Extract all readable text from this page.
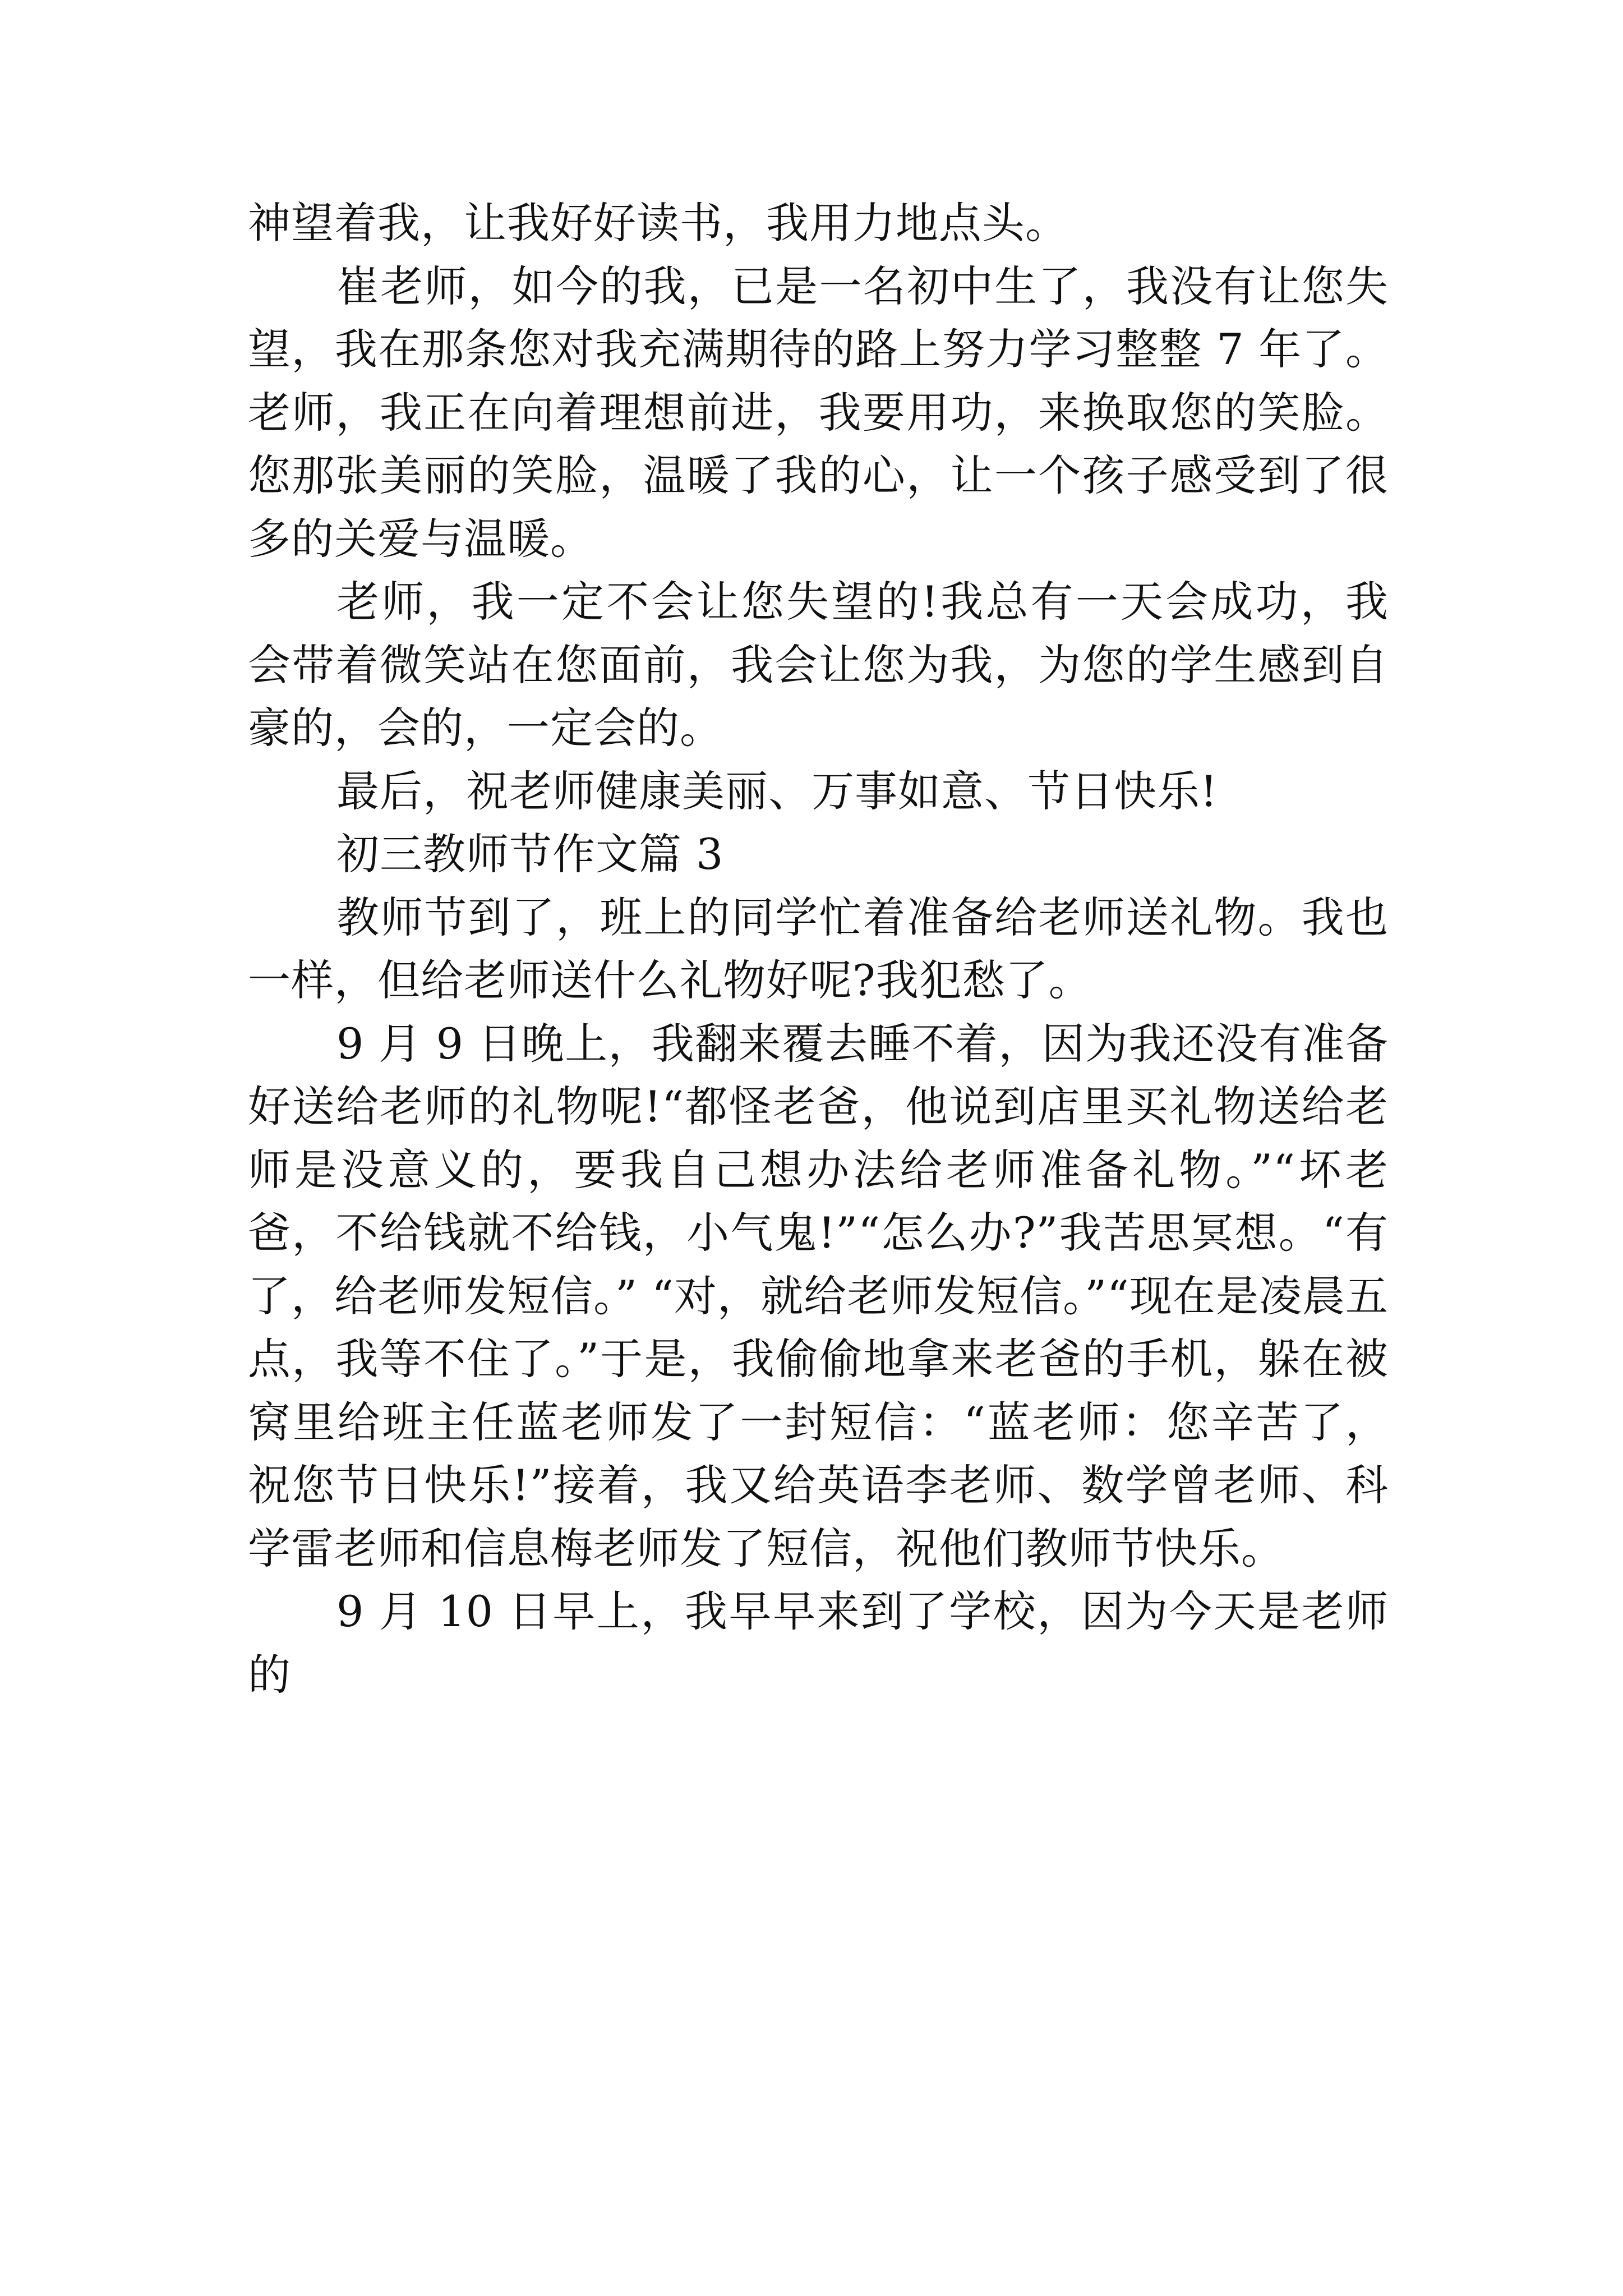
神望着我，让我好好读书，我用力地点头。

崔老师，如今的我，已是一名初中生了，我没有让您失望，我在那条您对我充满期待的路上努力学习整整 7 年了。老师，我正在向着理想前进，我要用功，来换取您的笑脸。您那张美丽的笑脸，温暖了我的心，让一个孩子感受到了很多的关爱与温暖。

老师，我一定不会让您失望的!我总有一天会成功，我会带着微笑站在您面前，我会让您为我，为您的学生感到自豪的，会的，一定会的。

最后，祝老师健康美丽、万事如意、节日快乐!

初三教师节作文篇 3

教师节到了，班上的同学忙着准备给老师送礼物。我也一样，但给老师送什么礼物好呢?我犯愁了。

9 月 9 日晚上，我翻来覆去睡不着，因为我还没有准备好送给老师的礼物呢!“都怪老爸，他说到店里买礼物送给老师是没意义的，要我自己想办法给老师准备礼物。”“坏老爸，不给钱就不给钱，小气鬼!”“怎么办?”我苦思冥想。“有了，给老师发短信。” “对，就给老师发短信。”“现在是凌晨五点，我等不住了。”于是，我偷偷地拿来老爸的手机，躲在被窝里给班主任蓝老师发了一封短信：“蓝老师：您辛苦了，祝您节日快乐!”接着，我又给英语李老师、数学曾老师、科学雷老师和信息梅老师发了短信，祝他们教师节快乐。

9 月 10 日早上，我早早来到了学校，因为今天是老师的
